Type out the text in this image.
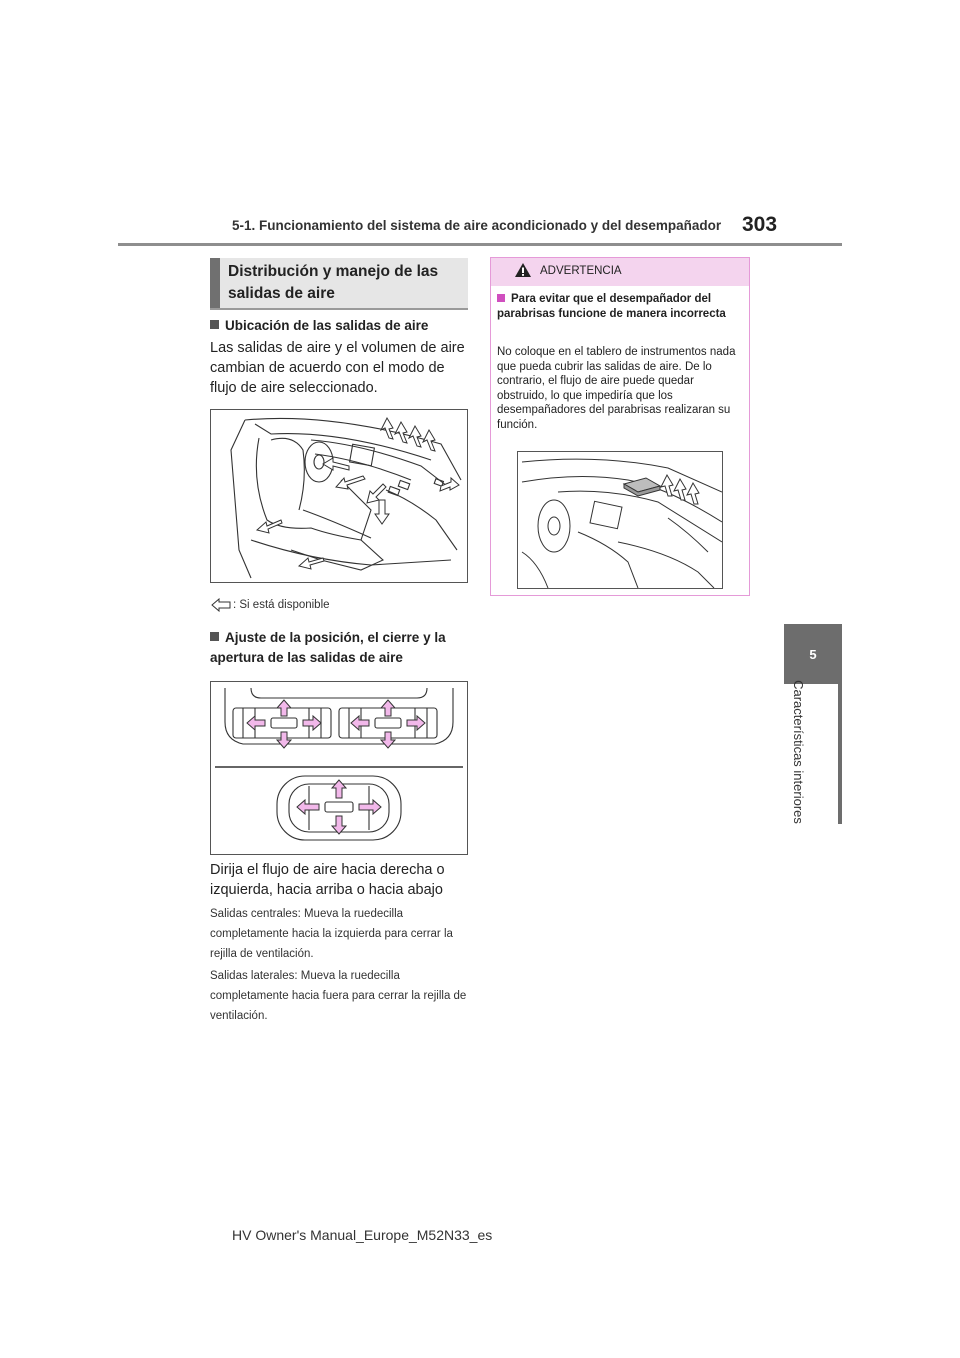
5-1. Funcionamiento del sistema de aire acondicionado y del desempañador 303
5
Características interiores
Distribución y manejo de las salidas de aire
Ubicación de las salidas de aire
Las salidas de aire y el volumen de aire cambian de acuerdo con el modo de flujo de aire seleccionado.
: Si está disponible
Ajuste de la posición, el cierre y la apertura de las salidas de aire
Dirija el flujo de aire hacia derecha o izquierda, hacia arriba o hacia abajo
Salidas centrales: Mueva la ruedecilla completamente hacia la izquierda para cerrar la rejilla de ventilación.
Salidas laterales: Mueva la ruedecilla completamente hacia fuera para cerrar la rejilla de ventilación.
ADVERTENCIA
Para evitar que el desempañador del parabrisas funcione de manera incorrecta
No coloque en el tablero de instrumentos nada que pueda cubrir las salidas de aire. De lo contrario, el flujo de aire puede quedar obstruido, lo que impediría que los desempañadores del parabrisas realizaran su función.
HV Owner's Manual_Europe_M52N33_es
